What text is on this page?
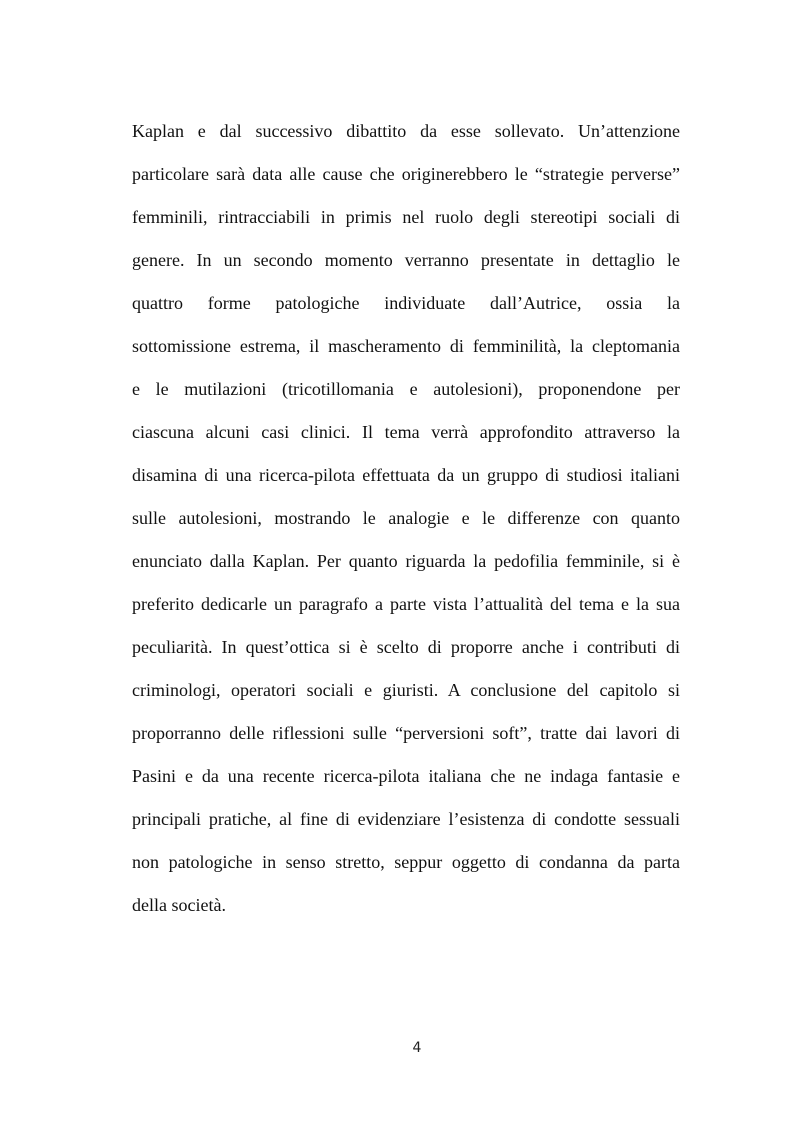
Kaplan e dal successivo dibattito da esse sollevato. Un’attenzione
particolare sarà data alle cause che originerebbero le “strategie perverse”
femminili, rintracciabili in primis nel ruolo degli stereotipi sociali di
genere. In un secondo momento verranno presentate in dettaglio le
quattro forme patologiche individuate dall’Autrice, ossia la
sottomissione estrema, il mascheramento di femminilità, la cleptomania
e le mutilazioni (tricotillomania e autolesioni), proponendone per
ciascuna alcuni casi clinici. Il tema verrà approfondito attraverso la
disamina di una ricerca-pilota effettuata da un gruppo di studiosi italiani
sulle autolesioni, mostrando le analogie e le differenze con quanto
enunciato dalla Kaplan. Per quanto riguarda la pedofilia femminile, si è
preferito dedicarle un paragrafo a parte vista l’attualità del tema e la sua
peculiarità. In quest’ottica si è scelto di proporre anche i contributi di
criminologi, operatori sociali e giuristi. A conclusione del capitolo si
proporranno delle riflessioni sulle “perversioni soft”, tratte dai lavori di
Pasini e da una recente ricerca-pilota italiana che ne indaga fantasie e
principali pratiche, al fine di evidenziare l’esistenza di condotte sessuali
non patologiche in senso stretto, seppur oggetto di condanna da parta
della società.
4
